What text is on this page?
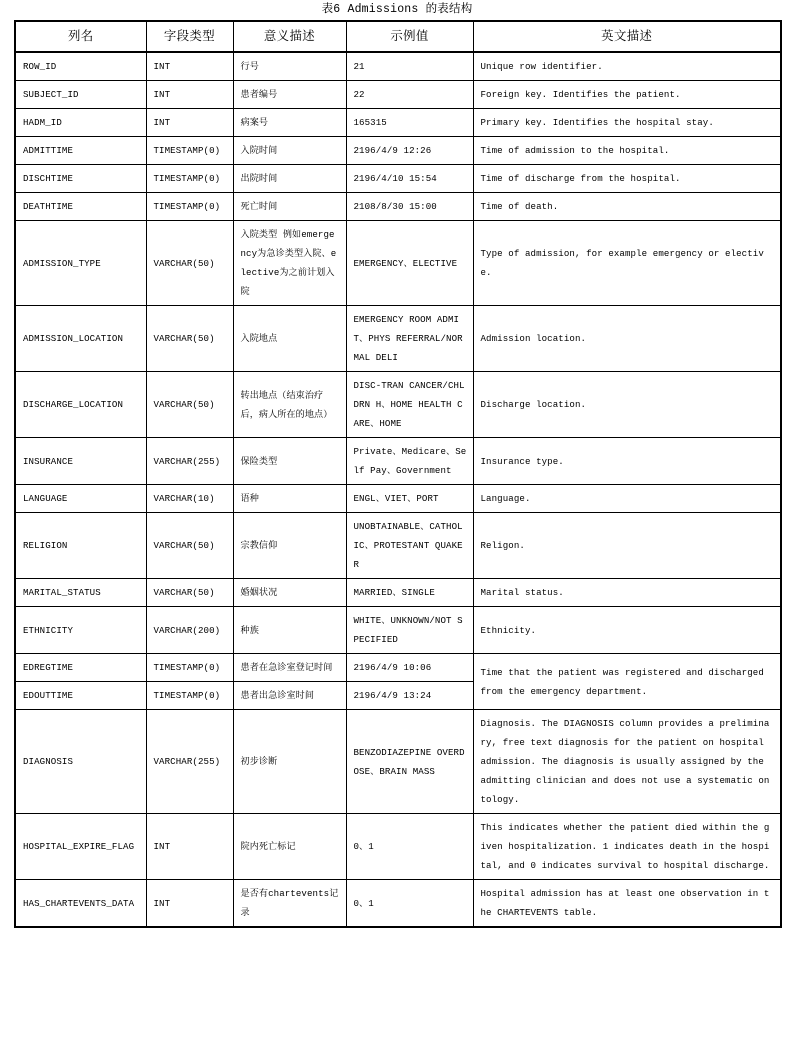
表6 Admissions 的表结构
列名	字段类型	意义描述	示例值	英文描述
ROW_ID	INT	行号	21	Unique row identifier.
SUBJECT_ID	INT	患者编号	22	Foreign key. Identifies the patient.
HADM_ID	INT	病案号	165315	Primary key. Identifies the hospital stay.
ADMITTIME	TIMESTAMP(0)	入院时间	2196/4/9 12:26	Time of admission to the hospital.
DISCHTIME	TIMESTAMP(0)	出院时间	2196/4/10 15:54	Time of discharge from the hospital.
DEATHTIME	TIMESTAMP(0)	死亡时间	2108/8/30 15:00	Time of death.
ADMISSION_TYPE	VARCHAR(50)	入院类型 例如emergency为急诊类型入院、elective为之前计划入院	EMERGENCY、ELECTIVE	Type of admission, for example emergency or elective.
ADMISSION_LOCATION	VARCHAR(50)	入院地点	EMERGENCY ROOM ADMIT、PHYS REFERRAL/NORMAL DELI	Admission location.
DISCHARGE_LOCATION	VARCHAR(50)	转出地点（结束治疗后，病人所在的地点）	DISC-TRAN CANCER/CHLDRN H、HOME HEALTH CARE、HOME	Discharge location.
INSURANCE	VARCHAR(255)	保险类型	Private、Medicare、Self Pay、Government	Insurance type.
LANGUAGE	VARCHAR(10)	语种	ENGL、VIET、PORT	Language.
RELIGION	VARCHAR(50)	宗教信仰	UNOBTAINABLE、CATHOLIC、PROTESTANT QUAKER	Religon.
MARITAL_STATUS	VARCHAR(50)	婚姻状况	MARRIED、SINGLE	Marital status.
ETHNICITY	VARCHAR(200)	种族	WHITE、UNKNOWN/NOT SPECIFIED	Ethnicity.
EDREGTIME	TIMESTAMP(0)	患者在急诊室登记时间	2196/4/9 10:06	Time that the patient was registered and discharged from the emergency department.
EDOUTTIME	TIMESTAMP(0)	患者出急诊室时间	2196/4/9 13:24	
DIAGNOSIS	VARCHAR(255)	初步诊断	BENZODIAZEPINE OVERDOSE、BRAIN MASS	Diagnosis. The DIAGNOSIS column provides a preliminary, free text diagnosis for the patient on hospital admission. The diagnosis is usually assigned by the admitting clinician and does not use a systematic ontology.
HOSPITAL_EXPIRE_FLAG	INT	院内死亡标记	0、1	This indicates whether the patient died within the given hospitalization. 1 indicates death in the hospital, and 0 indicates survival to hospital discharge.
HAS_CHARTEVENTS_DATA	INT	是否有chartevents记录	0、1	Hospital admission has at least one observation in the CHARTEVENTS table.
